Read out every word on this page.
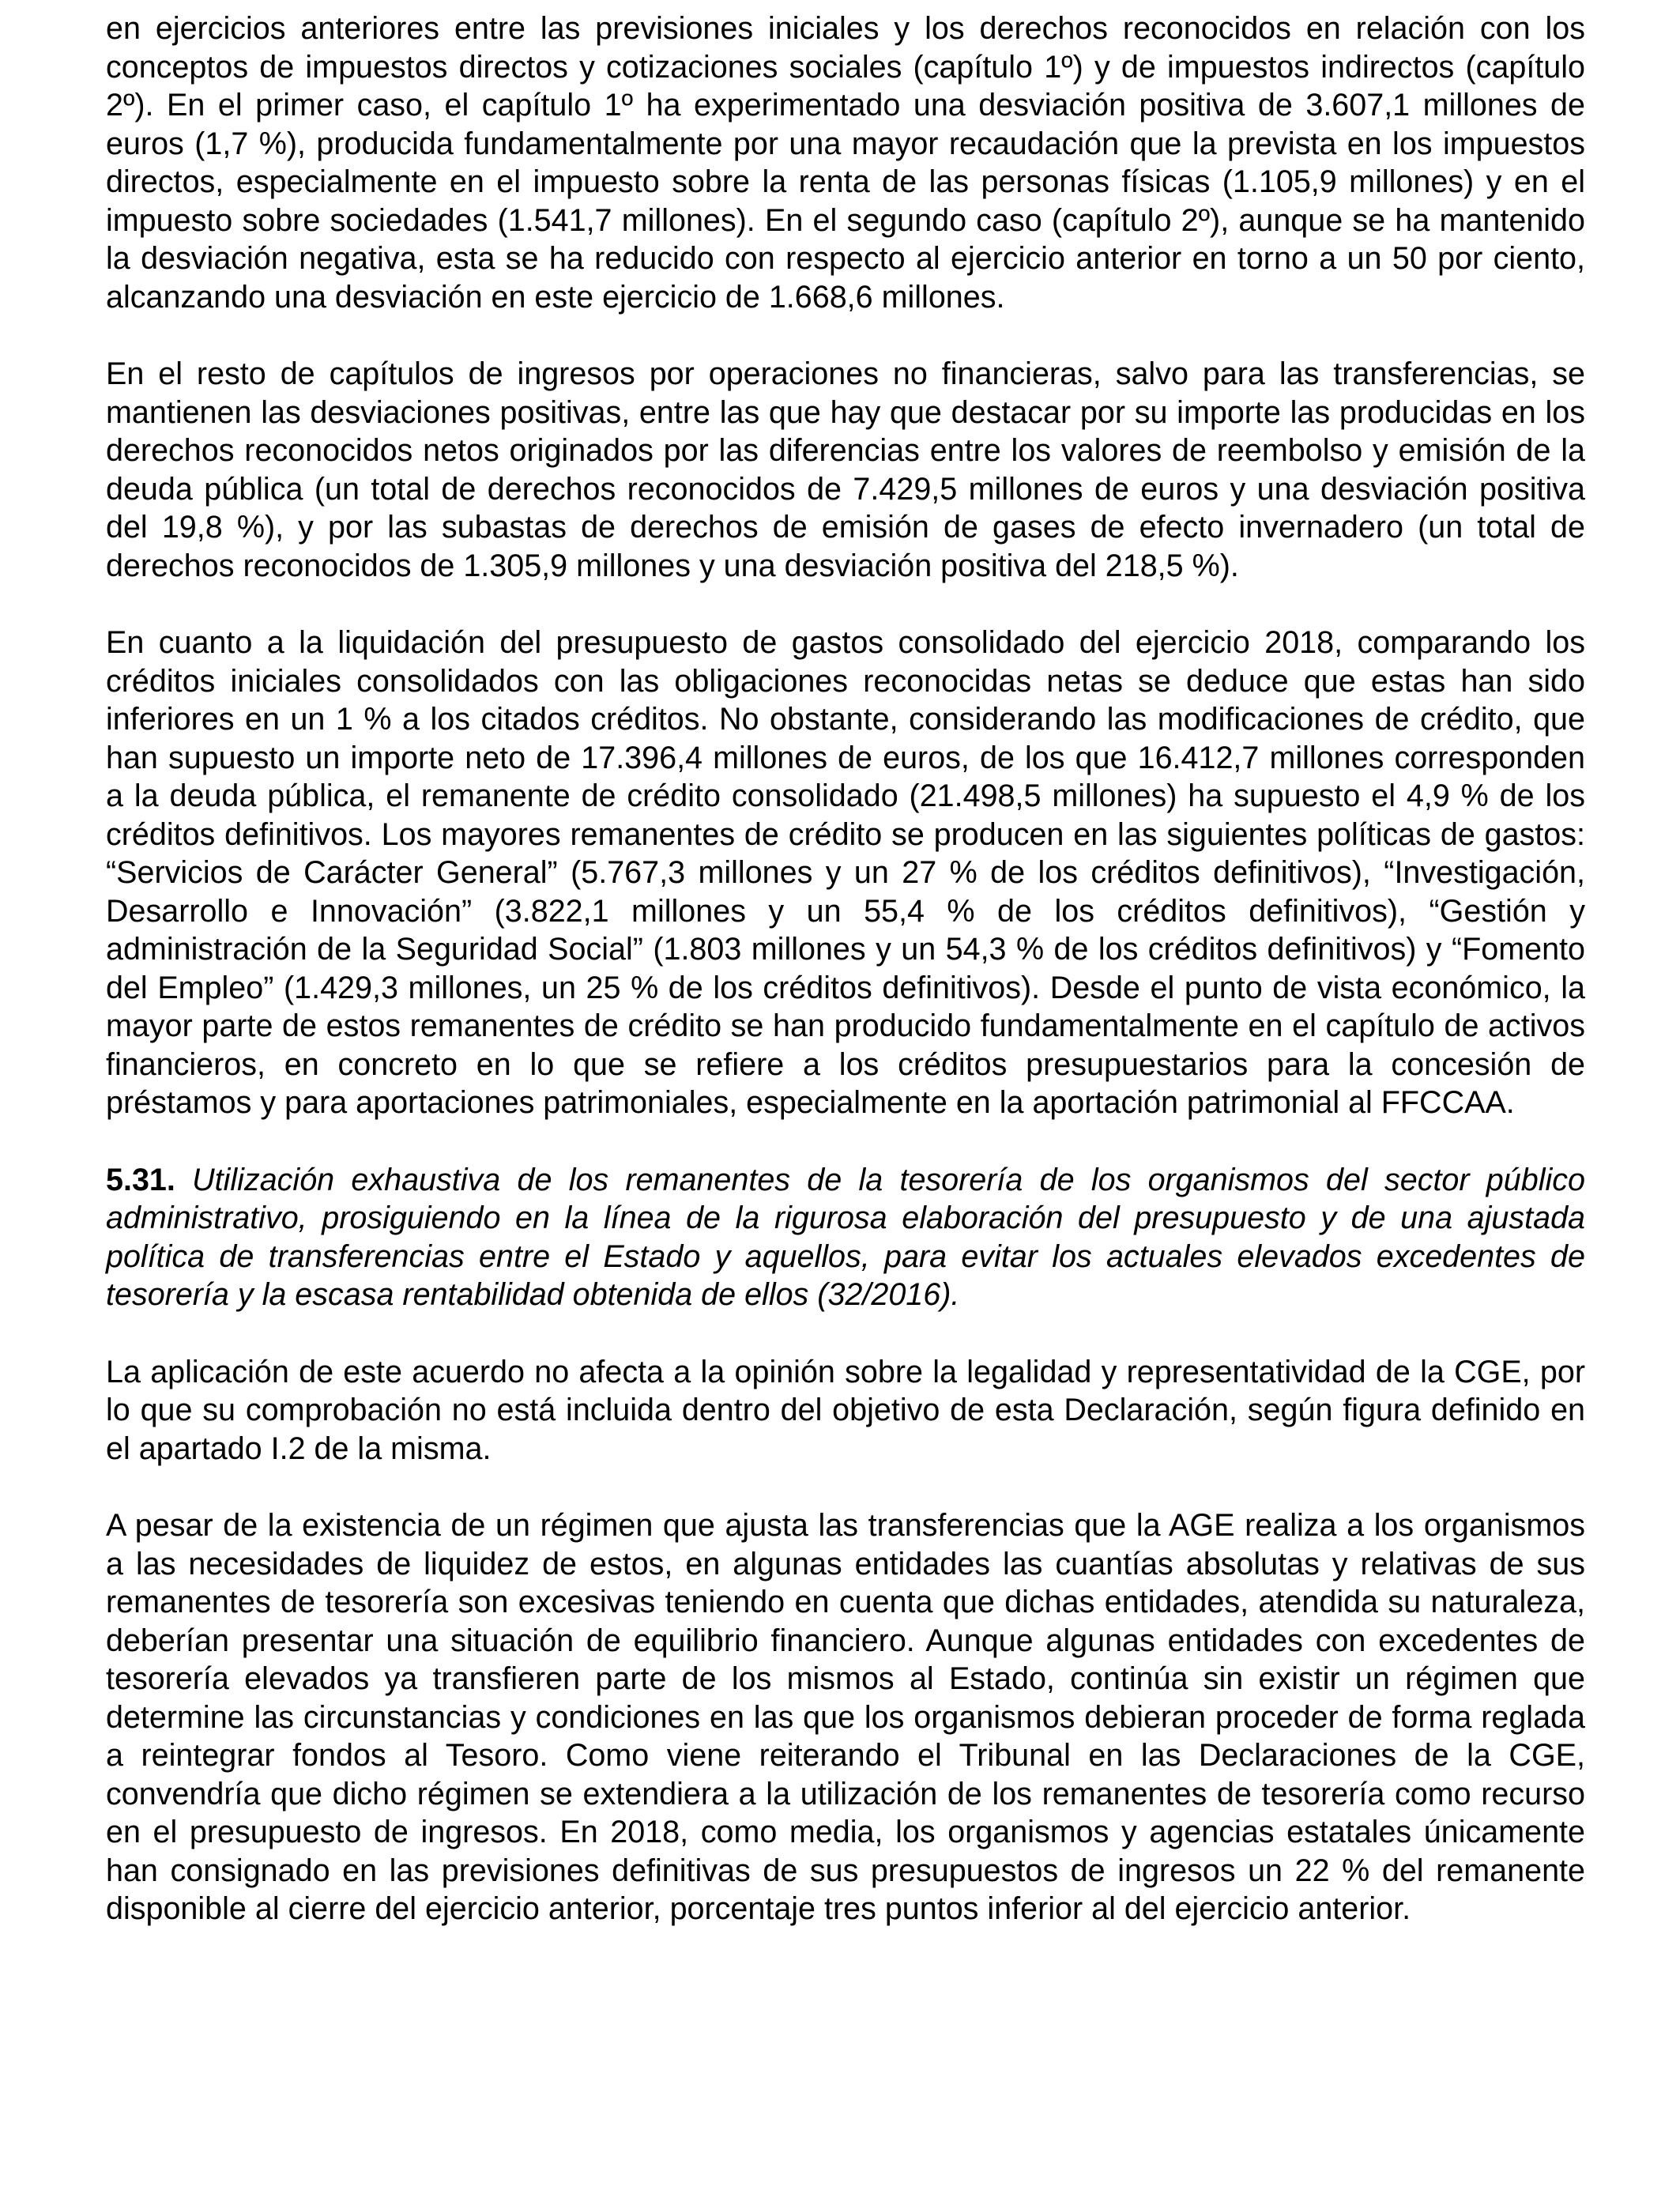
en ejercicios anteriores entre las previsiones iniciales y los derechos reconocidos en relación con los conceptos de impuestos directos y cotizaciones sociales (capítulo 1º) y de impuestos indirectos (capítulo 2º). En el primer caso, el capítulo 1º ha experimentado una desviación positiva de 3.607,1 millones de euros (1,7 %), producida fundamentalmente por una mayor recaudación que la prevista en los impuestos directos, especialmente en el impuesto sobre la renta de las personas físicas (1.105,9 millones) y en el impuesto sobre sociedades (1.541,7 millones). En el segundo caso (capítulo 2º), aunque se ha mantenido la desviación negativa, esta se ha reducido con respecto al ejercicio anterior en torno a un 50 por ciento, alcanzando una desviación en este ejercicio de 1.668,6 millones.

En el resto de capítulos de ingresos por operaciones no financieras, salvo para las transferencias, se mantienen las desviaciones positivas, entre las que hay que destacar por su importe las producidas en los derechos reconocidos netos originados por las diferencias entre los valores de reembolso y emisión de la deuda pública (un total de derechos reconocidos de 7.429,5 millones de euros y una desviación positiva del 19,8 %), y por las subastas de derechos de emisión de gases de efecto invernadero (un total de derechos reconocidos de 1.305,9 millones y una desviación positiva del 218,5 %).

En cuanto a la liquidación del presupuesto de gastos consolidado del ejercicio 2018, comparando los créditos iniciales consolidados con las obligaciones reconocidas netas se deduce que estas han sido inferiores en un 1 % a los citados créditos. No obstante, considerando las modificaciones de crédito, que han supuesto un importe neto de 17.396,4 millones de euros, de los que 16.412,7 millones corresponden a la deuda pública, el remanente de crédito consolidado (21.498,5 millones) ha supuesto el 4,9 % de los créditos definitivos. Los mayores remanentes de crédito se producen en las siguientes políticas de gastos: “Servicios de Carácter General” (5.767,3 millones y un 27 % de los créditos definitivos), “Investigación, Desarrollo e Innovación” (3.822,1 millones y un 55,4 % de los créditos definitivos), “Gestión y administración de la Seguridad Social” (1.803 millones y un 54,3 % de los créditos definitivos) y “Fomento del Empleo” (1.429,3 millones, un 25 % de los créditos definitivos). Desde el punto de vista económico, la mayor parte de estos remanentes de crédito se han producido fundamentalmente en el capítulo de activos financieros, en concreto en lo que se refiere a los créditos presupuestarios para la concesión de préstamos y para aportaciones patrimoniales, especialmente en la aportación patrimonial al FFCCAA.

5.31. Utilización exhaustiva de los remanentes de la tesorería de los organismos del sector público administrativo, prosiguiendo en la línea de la rigurosa elaboración del presupuesto y de una ajustada política de transferencias entre el Estado y aquellos, para evitar los actuales elevados excedentes de tesorería y la escasa rentabilidad obtenida de ellos (32/2016).

La aplicación de este acuerdo no afecta a la opinión sobre la legalidad y representatividad de la CGE, por lo que su comprobación no está incluida dentro del objetivo de esta Declaración, según figura definido en el apartado I.2 de la misma.

A pesar de la existencia de un régimen que ajusta las transferencias que la AGE realiza a los organismos a las necesidades de liquidez de estos, en algunas entidades las cuantías absolutas y relativas de sus remanentes de tesorería son excesivas teniendo en cuenta que dichas entidades, atendida su naturaleza, deberían presentar una situación de equilibrio financiero. Aunque algunas entidades con excedentes de tesorería elevados ya transfieren parte de los mismos al Estado, continúa sin existir un régimen que determine las circunstancias y condiciones en las que los organismos debieran proceder de forma reglada a reintegrar fondos al Tesoro. Como viene reiterando el Tribunal en las Declaraciones de la CGE, convendría que dicho régimen se extendiera a la utilización de los remanentes de tesorería como recurso en el presupuesto de ingresos. En 2018, como media, los organismos y agencias estatales únicamente han consignado en las previsiones definitivas de sus presupuestos de ingresos un 22 % del remanente disponible al cierre del ejercicio anterior, porcentaje tres puntos inferior al del ejercicio anterior.
